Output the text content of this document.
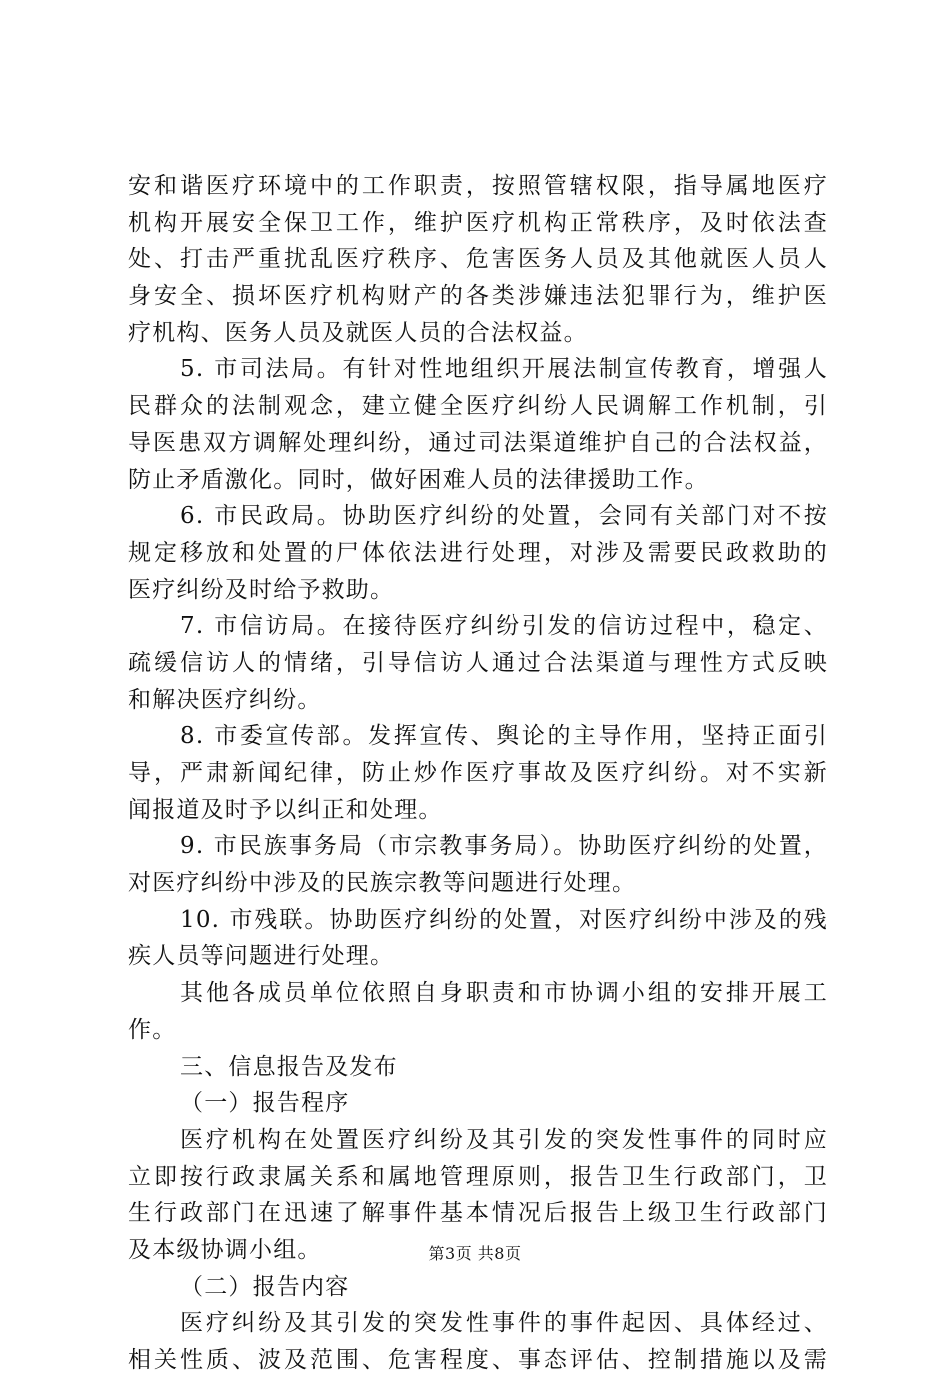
安和谐医疗环境中的工作职责，按照管辖权限，指导属地医疗
机构开展安全保卫工作，维护医疗机构正常秩序，及时依法查
处、打击严重扰乱医疗秩序、危害医务人员及其他就医人员人
身安全、损坏医疗机构财产的各类涉嫌违法犯罪行为，维护医
疗机构、医务人员及就医人员的合法权益。
5. 市司法局。有针对性地组织开展法制宣传教育，增强人
民群众的法制观念，建立健全医疗纠纷人民调解工作机制，引
导医患双方调解处理纠纷，通过司法渠道维护自己的合法权益，
防止矛盾激化。同时，做好困难人员的法律援助工作。
6. 市民政局。协助医疗纠纷的处置，会同有关部门对不按
规定移放和处置的尸体依法进行处理，对涉及需要民政救助的
医疗纠纷及时给予救助。
7. 市信访局。在接待医疗纠纷引发的信访过程中，稳定、
疏缓信访人的情绪，引导信访人通过合法渠道与理性方式反映
和解决医疗纠纷。
8. 市委宣传部。发挥宣传、舆论的主导作用，坚持正面引
导，严肃新闻纪律，防止炒作医疗事故及医疗纠纷。对不实新
闻报道及时予以纠正和处理。
9. 市民族事务局（市宗教事务局）。协助医疗纠纷的处置，
对医疗纠纷中涉及的民族宗教等问题进行处理。
10. 市残联。协助医疗纠纷的处置，对医疗纠纷中涉及的残
疾人员等问题进行处理。
其他各成员单位依照自身职责和市协调小组的安排开展工
作。
三、信息报告及发布
（一）报告程序
医疗机构在处置医疗纠纷及其引发的突发性事件的同时应
立即按行政隶属关系和属地管理原则，报告卫生行政部门，卫
生行政部门在迅速了解事件基本情况后报告上级卫生行政部门
及本级协调小组。
（二）报告内容
医疗纠纷及其引发的突发性事件的事件起因、具体经过、
相关性质、波及范围、危害程度、事态评估、控制措施以及需
第3页 共8页
